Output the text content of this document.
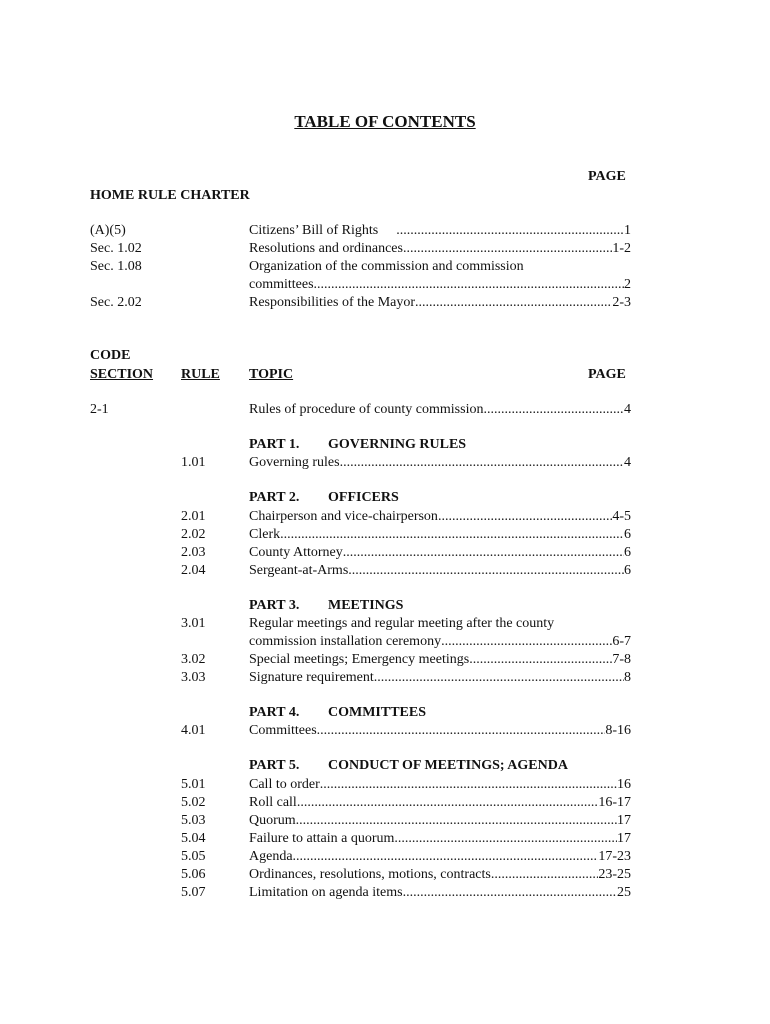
TABLE OF CONTENTS
PAGE
HOME RULE CHARTER
(A)(5)	Citizens’ Bill of Rights .....	1
Sec. 1.02	Resolutions and ordinances .....	1-2
Sec. 1.08	Organization of the commission and commission
committees .....	2
Sec. 2.02	Responsibilities of the Mayor .....	2-3
CODE
SECTION RULE TOPIC	PAGE
2-1	Rules of procedure of county commission .....	4
PART 1. GOVERNING RULES
1.01	Governing rules .....	4
PART 2. OFFICERS
2.01	Chairperson and vice-chairperson .....	4-5
2.02	Clerk .....	6
2.03	County Attorney .....	6
2.04	Sergeant-at-Arms .....	6
PART 3. MEETINGS
3.01	Regular meetings and regular meeting after the county
commission installation ceremony .....	6-7
3.02	Special meetings; Emergency meetings .....	7-8
3.03	Signature requirement .....	8
PART 4. COMMITTEES
4.01	Committees .....	8-16
PART 5. CONDUCT OF MEETINGS; AGENDA
5.01	Call to order .....	16
5.02	Roll call .....	16-17
5.03	Quorum .....	17
5.04	Failure to attain a quorum .....	17
5.05	Agenda .....	17-23
5.06	Ordinances, resolutions, motions, contracts .....	23-25
5.07	Limitation on agenda items .....	25
